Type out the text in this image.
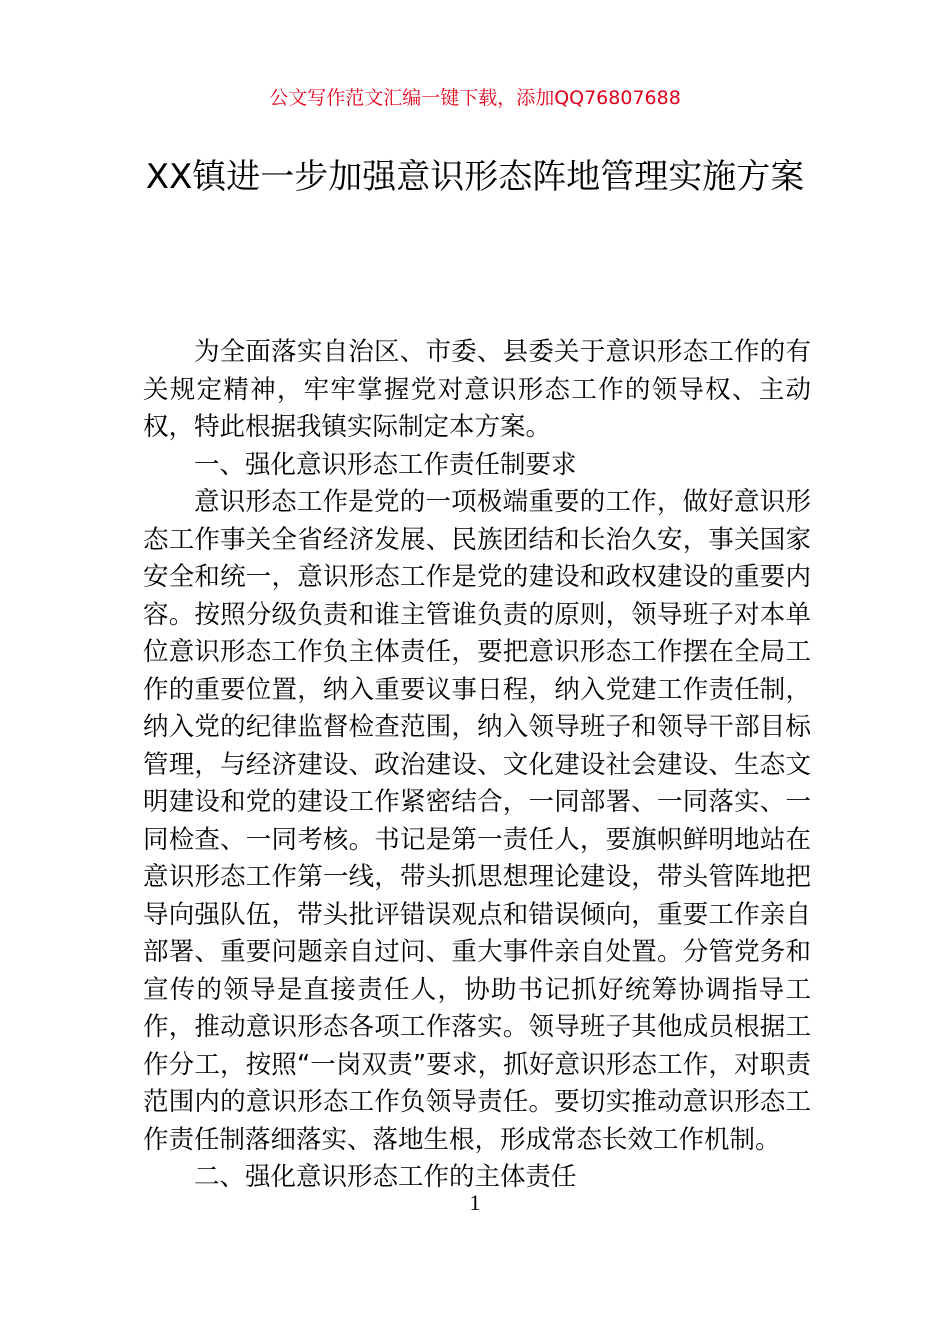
公文写作范文汇编一键下载，添加QQ76807688
XX镇进一步加强意识形态阵地管理实施方案

为全面落实自治区、市委、县委关于意识形态工作的有关规定精神，牢牢掌握党对意识形态工作的领导权、主动权，特此根据我镇实际制定本方案。

一、强化意识形态工作责任制要求

意识形态工作是党的一项极端重要的工作，做好意识形态工作事关全省经济发展、民族团结和长治久安，事关国家安全和统一，意识形态工作是党的建设和政权建设的重要内容。按照分级负责和谁主管谁负责的原则，领导班子对本单位意识形态工作负主体责任，要把意识形态工作摆在全局工作的重要位置，纳入重要议事日程，纳入党建工作责任制，纳入党的纪律监督检查范围，纳入领导班子和领导干部目标管理，与经济建设、政治建设、文化建设社会建设、生态文明建设和党的建设工作紧密结合，一同部署、一同落实、一同检查、一同考核。书记是第一责任人，要旗帜鲜明地站在意识形态工作第一线，带头抓思想理论建设，带头管阵地把导向强队伍，带头批评错误观点和错误倾向，重要工作亲自部署、重要问题亲自过问、重大事件亲自处置。分管党务和宣传的领导是直接责任人，协助书记抓好统筹协调指导工作，推动意识形态各项工作落实。领导班子其他成员根据工作分工，按照“一岗双责”要求，抓好意识形态工作，对职责范围内的意识形态工作负领导责任。要切实推动意识形态工作责任制落细落实、落地生根，形成常态长效工作机制。

二、强化意识形态工作的主体责任

1
